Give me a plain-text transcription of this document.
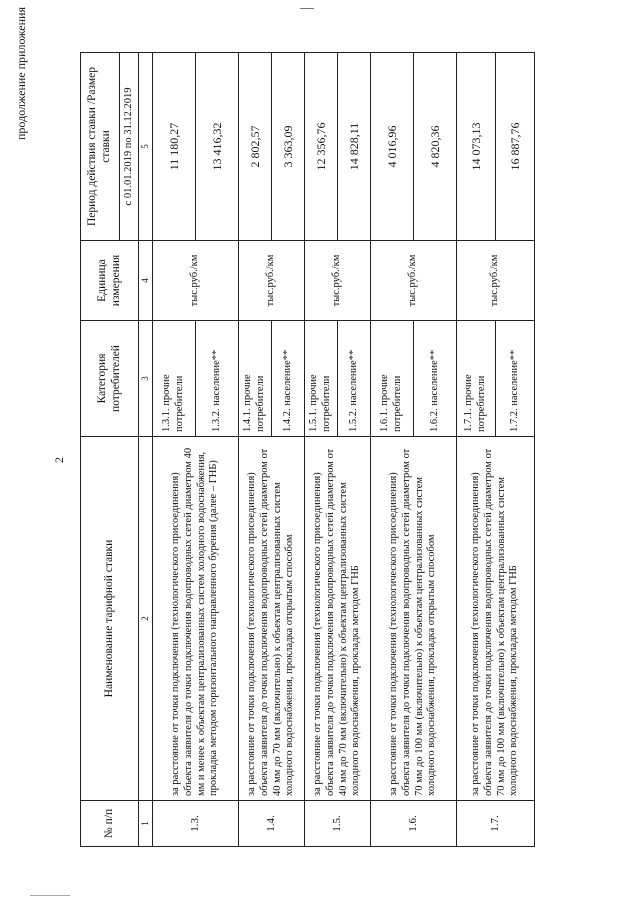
продолжение приложения
2
№ п/п	Наименование тарифной ставки	Категория потребителей	Единица измерения	Период действия ставки /Размер ставки
				с 01.01.2019 по 31.12.2019
1	2	3	4	5
1.3.	за расстояние от точки подключения (технологического присоединения) объекта заявителя до точки подключения водопроводных сетей диаметром 40 мм и менее к объектам централизованных систем холодного водоснабжения, прокладка методом горизонтального направленного бурения (далее – ГНБ)	1.3.1. прочие потребители	тыс.руб./км	11 180,27
		1.3.2. население**		13 416,32
1.4.	за расстояние от точки подключения (технологического присоединения) объекта заявителя до точки подключения водопроводных сетей диаметром от 40 мм до 70 мм (включительно) к объектам централизованных систем холодного водоснабжения, прокладка открытым способом	1.4.1. прочие потребители	тыс.руб./км	2 802,57
		1.4.2. население**		3 363,09
1.5.	за расстояние от точки подключения (технологического присоединения) объекта заявителя до точки подключения водопроводных сетей диаметром от 40 мм до 70 мм (включительно) к объектам централизованных систем холодного водоснабжения, прокладка методом ГНБ	1.5.1. прочие потребители	тыс.руб./км	12 356,76
		1.5.2. население**		14 828,11
1.6.	за расстояние от точки подключения (технологического присоединения) объекта заявителя до точки подключения водопроводных сетей диаметром от 70 мм до 100 мм (включительно) к объектам централизованных систем холодного водоснабжения, прокладка открытым способом	1.6.1. прочие потребители	тыс.руб./км	4 016,96
		1.6.2. население**		4 820,36
1.7.	за расстояние от точки подключения (технологического присоединения) объекта заявителя до точки подключения водопроводных сетей диаметром от 70 мм до 100 мм (включительно) к объектам централизованных систем холодного водоснабжения, прокладка методом ГНБ	1.7.1. прочие потребители	тыс.руб./км	14 073,13
		1.7.2. население**		16 887,76
